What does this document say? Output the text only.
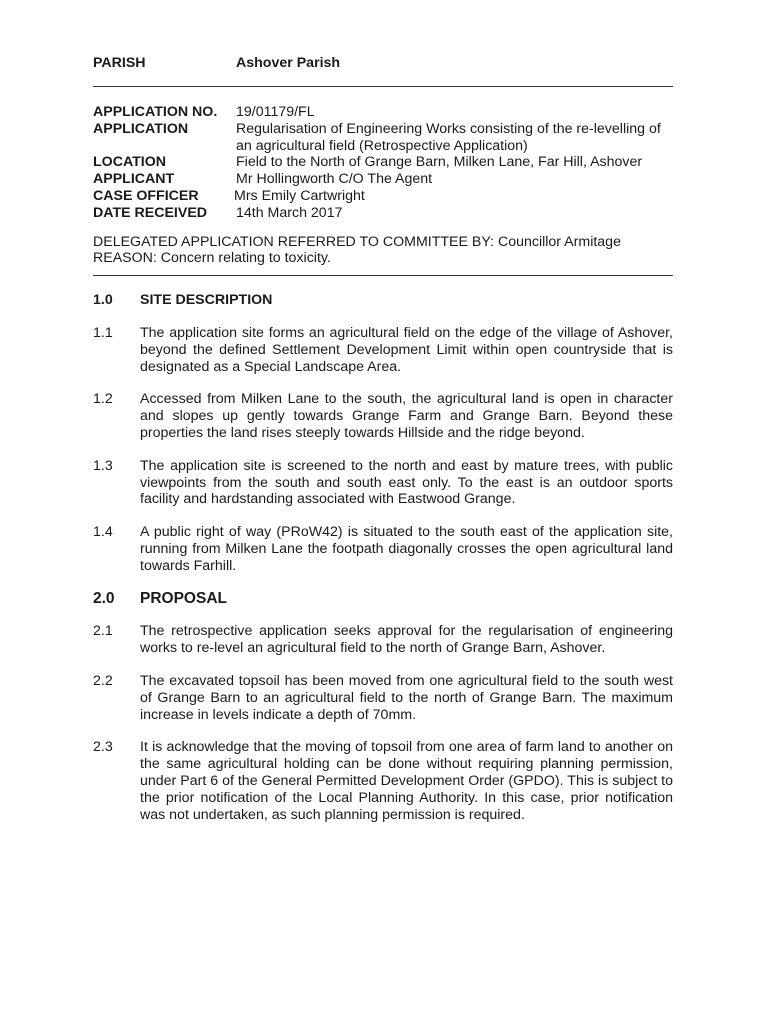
PARISH	Ashover Parish
APPLICATION NO.	19/01179/FL
APPLICATION	Regularisation of Engineering Works consisting of the re-levelling of an agricultural field (Retrospective Application)
LOCATION	Field to the North of Grange Barn, Milken Lane, Far Hill, Ashover
APPLICANT	Mr Hollingworth C/O The Agent
CASE OFFICER	Mrs Emily Cartwright
DATE RECEIVED	14th March 2017
DELEGATED APPLICATION REFERRED TO COMMITTEE BY: Councillor Armitage
REASON: Concern relating to toxicity.
1.0	SITE DESCRIPTION
1.1	The application site forms an agricultural field on the edge of the village of Ashover, beyond the defined Settlement Development Limit within open countryside that is designated as a Special Landscape Area.
1.2	Accessed from Milken Lane to the south, the agricultural land is open in character and slopes up gently towards Grange Farm and Grange Barn. Beyond these properties the land rises steeply towards Hillside and the ridge beyond.
1.3	The application site is screened to the north and east by mature trees, with public viewpoints from the south and south east only. To the east is an outdoor sports facility and hardstanding associated with Eastwood Grange.
1.4	A public right of way (PRoW42) is situated to the south east of the application site, running from Milken Lane the footpath diagonally crosses the open agricultural land towards Farhill.
2.0	PROPOSAL
2.1	The retrospective application seeks approval for the regularisation of engineering works to re-level an agricultural field to the north of Grange Barn, Ashover.
2.2	The excavated topsoil has been moved from one agricultural field to the south west of Grange Barn to an agricultural field to the north of Grange Barn. The maximum increase in levels indicate a depth of 70mm.
2.3	It is acknowledge that the moving of topsoil from one area of farm land to another on the same agricultural holding can be done without requiring planning permission, under Part 6 of the General Permitted Development Order (GPDO). This is subject to the prior notification of the Local Planning Authority. In this case, prior notification was not undertaken, as such planning permission is required.
